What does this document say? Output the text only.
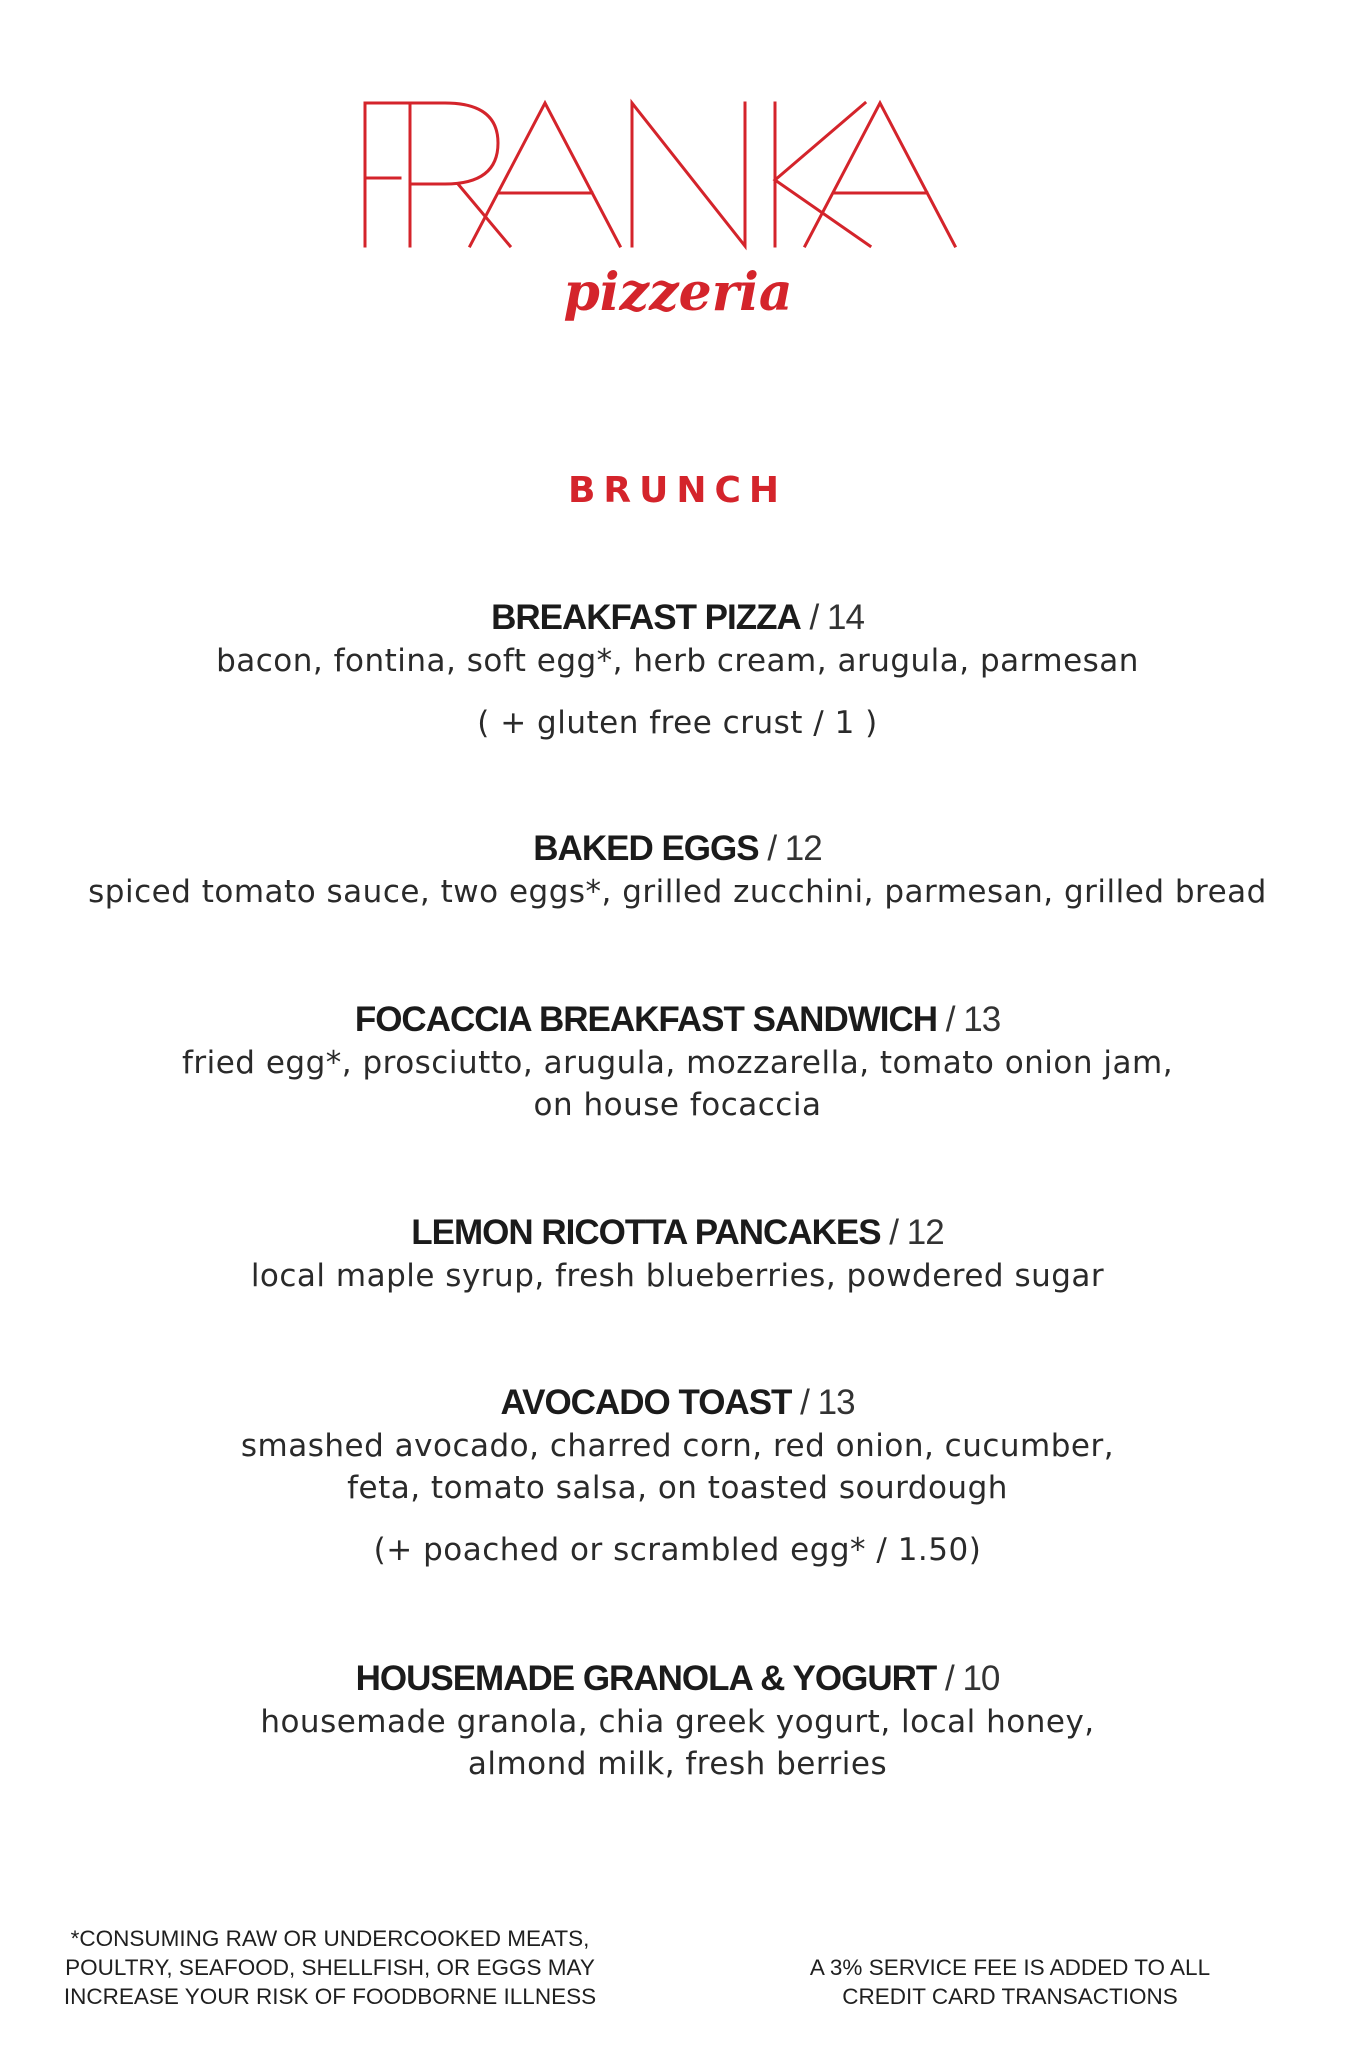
pizzeria
BRUNCH
BREAKFAST PIZZA / 14
bacon, fontina, soft egg*, herb cream, arugula, parmesan
( + gluten free crust / 1 )
BAKED EGGS / 12
spiced tomato sauce, two eggs*, grilled zucchini, parmesan, grilled bread
FOCACCIA BREAKFAST SANDWICH / 13
fried egg*, prosciutto, arugula, mozzarella, tomato onion jam,
on house focaccia
LEMON RICOTTA PANCAKES / 12
local maple syrup, fresh blueberries, powdered sugar
AVOCADO TOAST / 13
smashed avocado, charred corn, red onion, cucumber,
feta, tomato salsa, on toasted sourdough
(+ poached or scrambled egg* / 1.50)
HOUSEMADE GRANOLA & YOGURT / 10
housemade granola, chia greek yogurt, local honey,
almond milk, fresh berries
*CONSUMING RAW OR UNDERCOOKED MEATS,
POULTRY, SEAFOOD, SHELLFISH, OR EGGS MAY
INCREASE YOUR RISK OF FOODBORNE ILLNESS
A 3% SERVICE FEE IS ADDED TO ALL
CREDIT CARD TRANSACTIONS
